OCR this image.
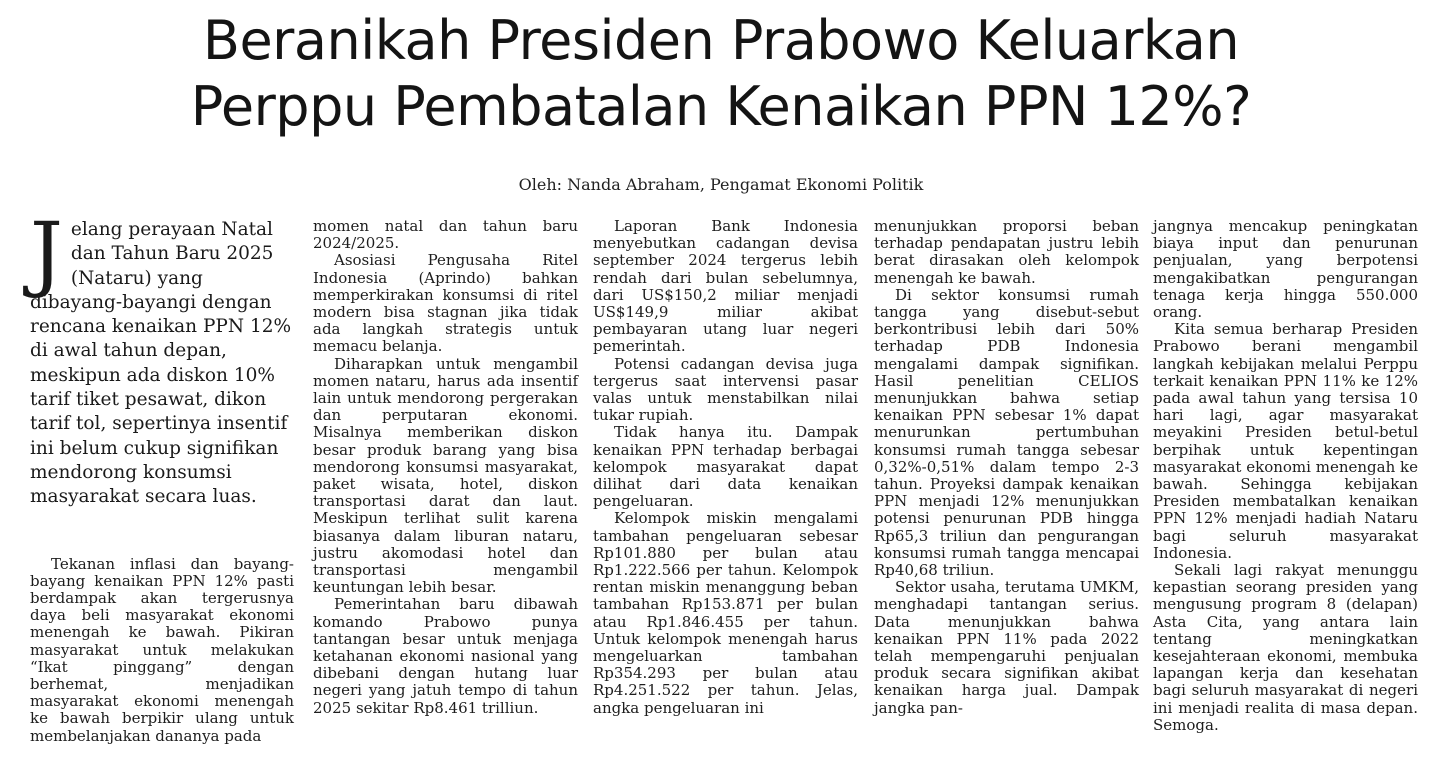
Beranikah Presiden Prabowo Keluarkan
Perppu Pembatalan Kenaikan PPN 12%?
Oleh: Nanda Abraham, Pengamat Ekonomi Politik

Jelang perayaan Natal dan Tahun Baru 2025 (Nataru) yang dibayang-bayangi dengan rencana kenaikan PPN 12% di awal tahun depan, meskipun ada diskon 10% tarif tiket pesawat, dikon tarif tol, sepertinya insentif ini belum cukup signifikan mendorong konsumsi masyarakat secara luas.

Tekanan inflasi dan bayang-bayang kenaikan PPN 12% pasti berdampak akan tergerusnya daya beli masyarakat ekonomi menengah ke bawah. Pikiran masyarakat untuk melakukan “Ikat pinggang” dengan berhemat, menjadikan masyarakat ekonomi menengah ke bawah berpikir ulang untuk membelanjakan dananya pada

momen natal dan tahun baru 2024/2025.

Asosiasi Pengusaha Ritel Indonesia (Aprindo) bahkan memperkirakan konsumsi di ritel modern bisa stagnan jika tidak ada langkah strategis untuk memacu belanja.

Diharapkan untuk mengambil momen nataru, harus ada insentif lain untuk mendorong pergerakan dan perputaran ekonomi. Misalnya memberikan diskon besar produk barang yang bisa mendorong konsumsi masyarakat, paket wisata, hotel, diskon transportasi darat dan laut. Meskipun terlihat sulit karena biasanya dalam liburan nataru, justru akomodasi hotel dan transportasi mengambil keuntungan lebih besar.

Pemerintahan baru dibawah komando Prabowo punya tantangan besar untuk menjaga ketahanan ekonomi nasional yang dibebani dengan hutang luar negeri yang jatuh tempo di tahun 2025 sekitar Rp8.461 trilliun.

Laporan Bank Indonesia menyebutkan cadangan devisa september 2024 tergerus lebih rendah dari bulan sebelumnya, dari US$150,2 miliar menjadi US$149,9 miliar akibat pembayaran utang luar negeri pemerintah.

Potensi cadangan devisa juga tergerus saat intervensi pasar valas untuk menstabilkan nilai tukar rupiah.

Tidak hanya itu. Dampak kenaikan PPN terhadap berbagai kelompok masyarakat dapat dilihat dari data kenaikan pengeluaran.

Kelompok miskin mengalami tambahan pengeluaran sebesar Rp101.880 per bulan atau Rp1.222.566 per tahun. Kelompok rentan miskin menanggung beban tambahan Rp153.871 per bulan atau Rp1.846.455 per tahun. Untuk kelompok menengah harus mengeluarkan tambahan Rp354.293 per bulan atau Rp4.251.522 per tahun. Jelas, angka pengeluaran ini

menunjukkan proporsi beban terhadap pendapatan justru lebih berat dirasakan oleh kelompok menengah ke bawah.

Di sektor konsumsi rumah tangga yang disebut-sebut berkontribusi lebih dari 50% terhadap PDB Indonesia mengalami dampak signifikan. Hasil penelitian CELIOS menunjukkan bahwa setiap kenaikan PPN sebesar 1% dapat menurunkan pertumbuhan konsumsi rumah tangga sebesar 0,32%-0,51% dalam tempo 2-3 tahun. Proyeksi dampak kenaikan PPN menjadi 12% menunjukkan potensi penurunan PDB hingga Rp65,3 triliun dan pengurangan konsumsi rumah tangga mencapai Rp40,68 triliun.

Sektor usaha, terutama UMKM, menghadapi tantangan serius. Data menunjukkan bahwa kenaikan PPN 11% pada 2022 telah mempengaruhi penjualan produk secara signifikan akibat kenaikan harga jual. Dampak jangka pan-

jangnya mencakup peningkatan biaya input dan penurunan penjualan, yang berpotensi mengakibatkan pengurangan tenaga kerja hingga 550.000 orang.

Kita semua berharap Presiden Prabowo berani mengambil langkah kebijakan melalui Perppu terkait kenaikan PPN 11% ke 12% pada awal tahun yang tersisa 10 hari lagi, agar masyarakat meyakini Presiden betul-betul berpihak untuk kepentingan masyarakat ekonomi menengah ke bawah. Sehingga kebijakan Presiden membatalkan kenaikan PPN 12% menjadi hadiah Nataru bagi seluruh masyarakat Indonesia.

Sekali lagi rakyat menunggu kepastian seorang presiden yang mengusung program 8 (delapan) Asta Cita, yang antara lain tentang meningkatkan kesejahteraan ekonomi, membuka lapangan kerja dan kesehatan bagi seluruh masyarakat di negeri ini menjadi realita di masa depan. Semoga.
